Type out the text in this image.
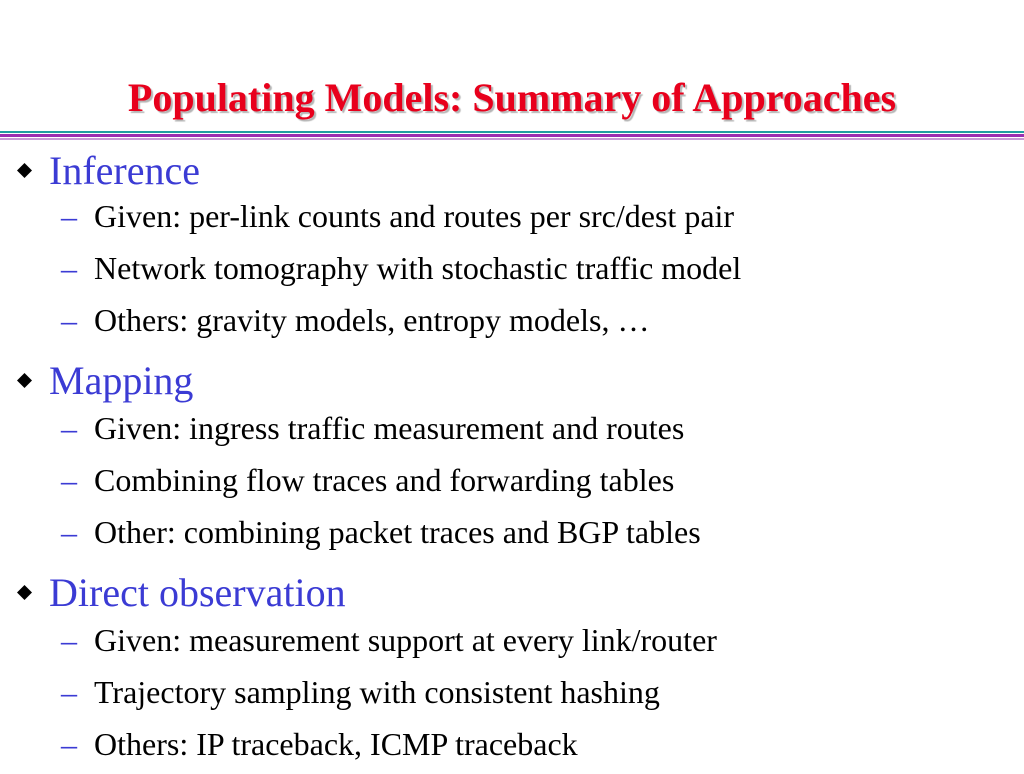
Populating Models: Summary of Approaches
Inference
– Given: per-link counts and routes per src/dest pair
– Network tomography with stochastic traffic model
– Others: gravity models, entropy models, …
Mapping
– Given: ingress traffic measurement and routes
– Combining flow traces and forwarding tables
– Other: combining packet traces and BGP tables
Direct observation
– Given: measurement support at every link/router
– Trajectory sampling with consistent hashing
– Others: IP traceback, ICMP traceback
